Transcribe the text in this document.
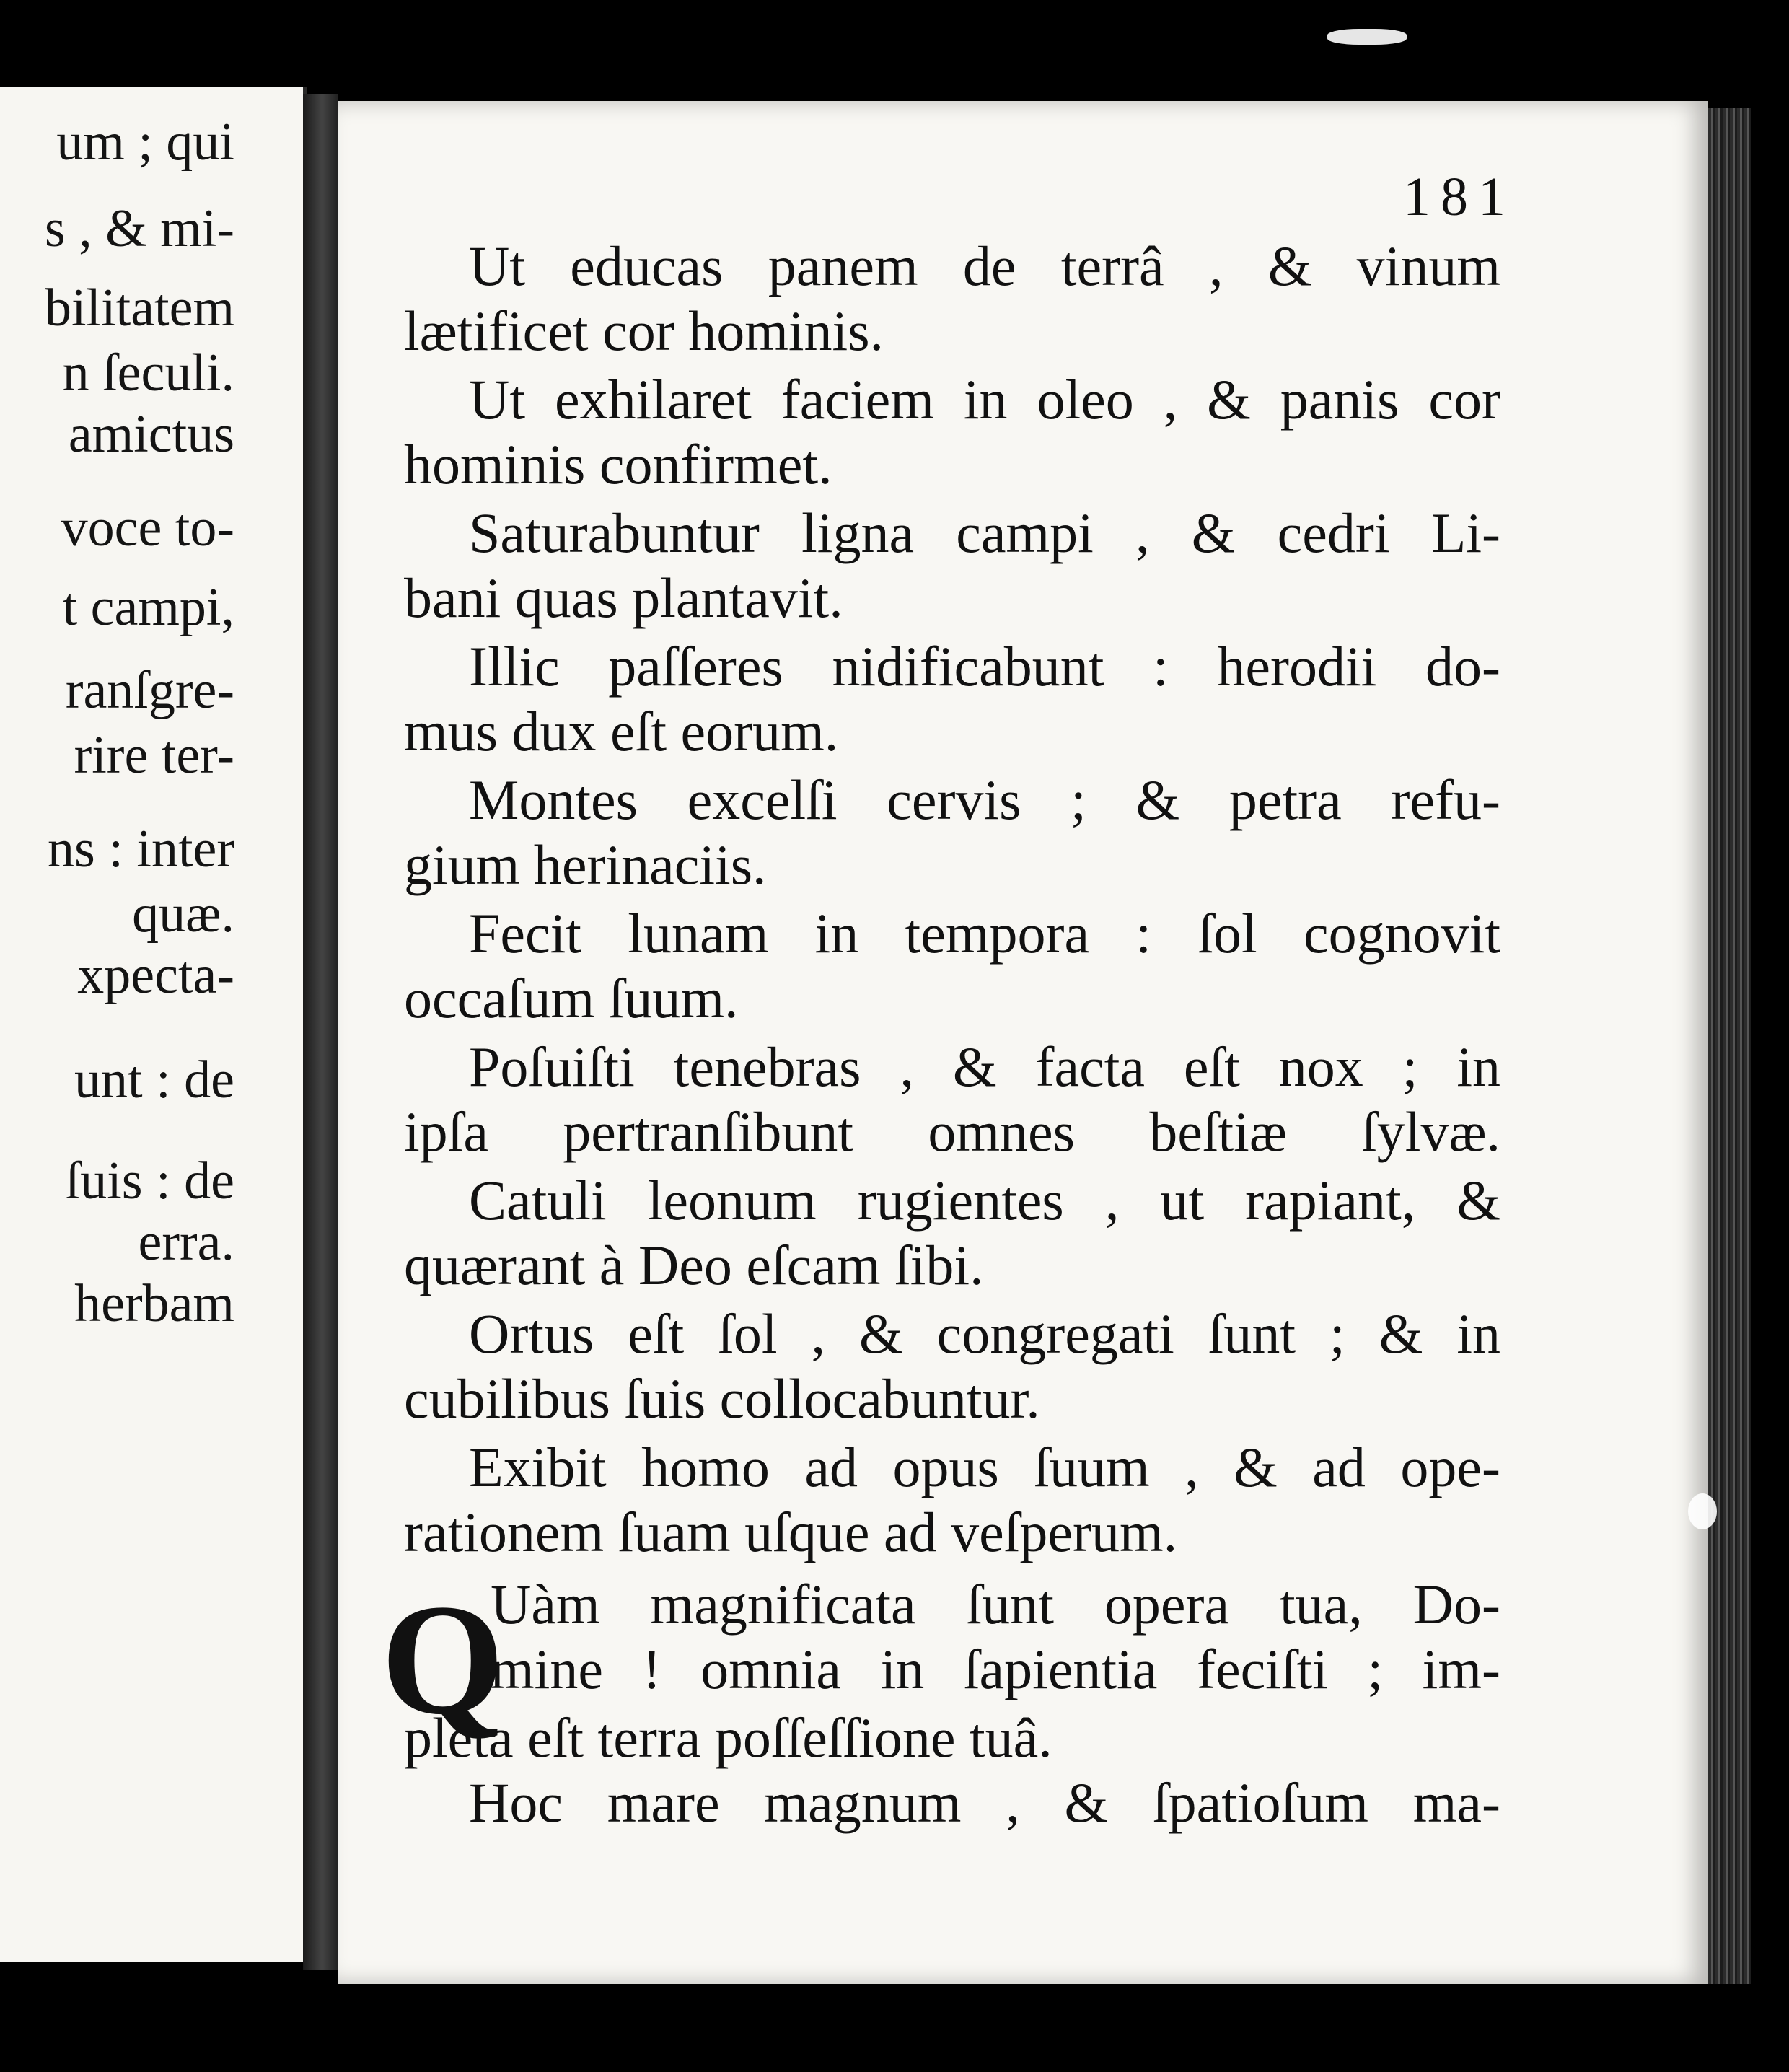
um ; qui
s , & mi-
bilitatem
n ſeculi.
amictus
voce to-
t campi,
ranſgre-
rire ter-
ns : inter
quæ.
xpecta-
unt : de
ſuis : de
erra.
herbam
181
Ut educas panem de terrâ , & vinum
lætificet cor hominis.
Ut exhilaret faciem in oleo , & panis cor
hominis confirmet.
Saturabuntur ligna campi , & cedri Li-
bani quas plantavit.
Illic paſſeres nidificabunt : herodii do-
mus dux eſt eorum.
Montes excelſi cervis ; & petra refu-
gium herinaciis.
Fecit lunam in tempora : ſol cognovit
occaſum ſuum.
Poſuiſti tenebras , & facta eſt nox ; in
ipſa pertranſibunt omnes beſtiæ ſylvæ.
Catuli leonum rugientes , ut rapiant, &
quærant à Deo eſcam ſibi.
Ortus eſt ſol , & congregati ſunt ; & in
cubilibus ſuis collocabuntur.
Exibit homo ad opus ſuum , & ad ope-
rationem ſuam uſque ad veſperum.
Q
Uàm magnificata ſunt opera tua, Do-
mine ! omnia in ſapientia feciſti ; im-
pleta eſt terra poſſeſſione tuâ.
Hoc mare magnum , & ſpatioſum ma-
